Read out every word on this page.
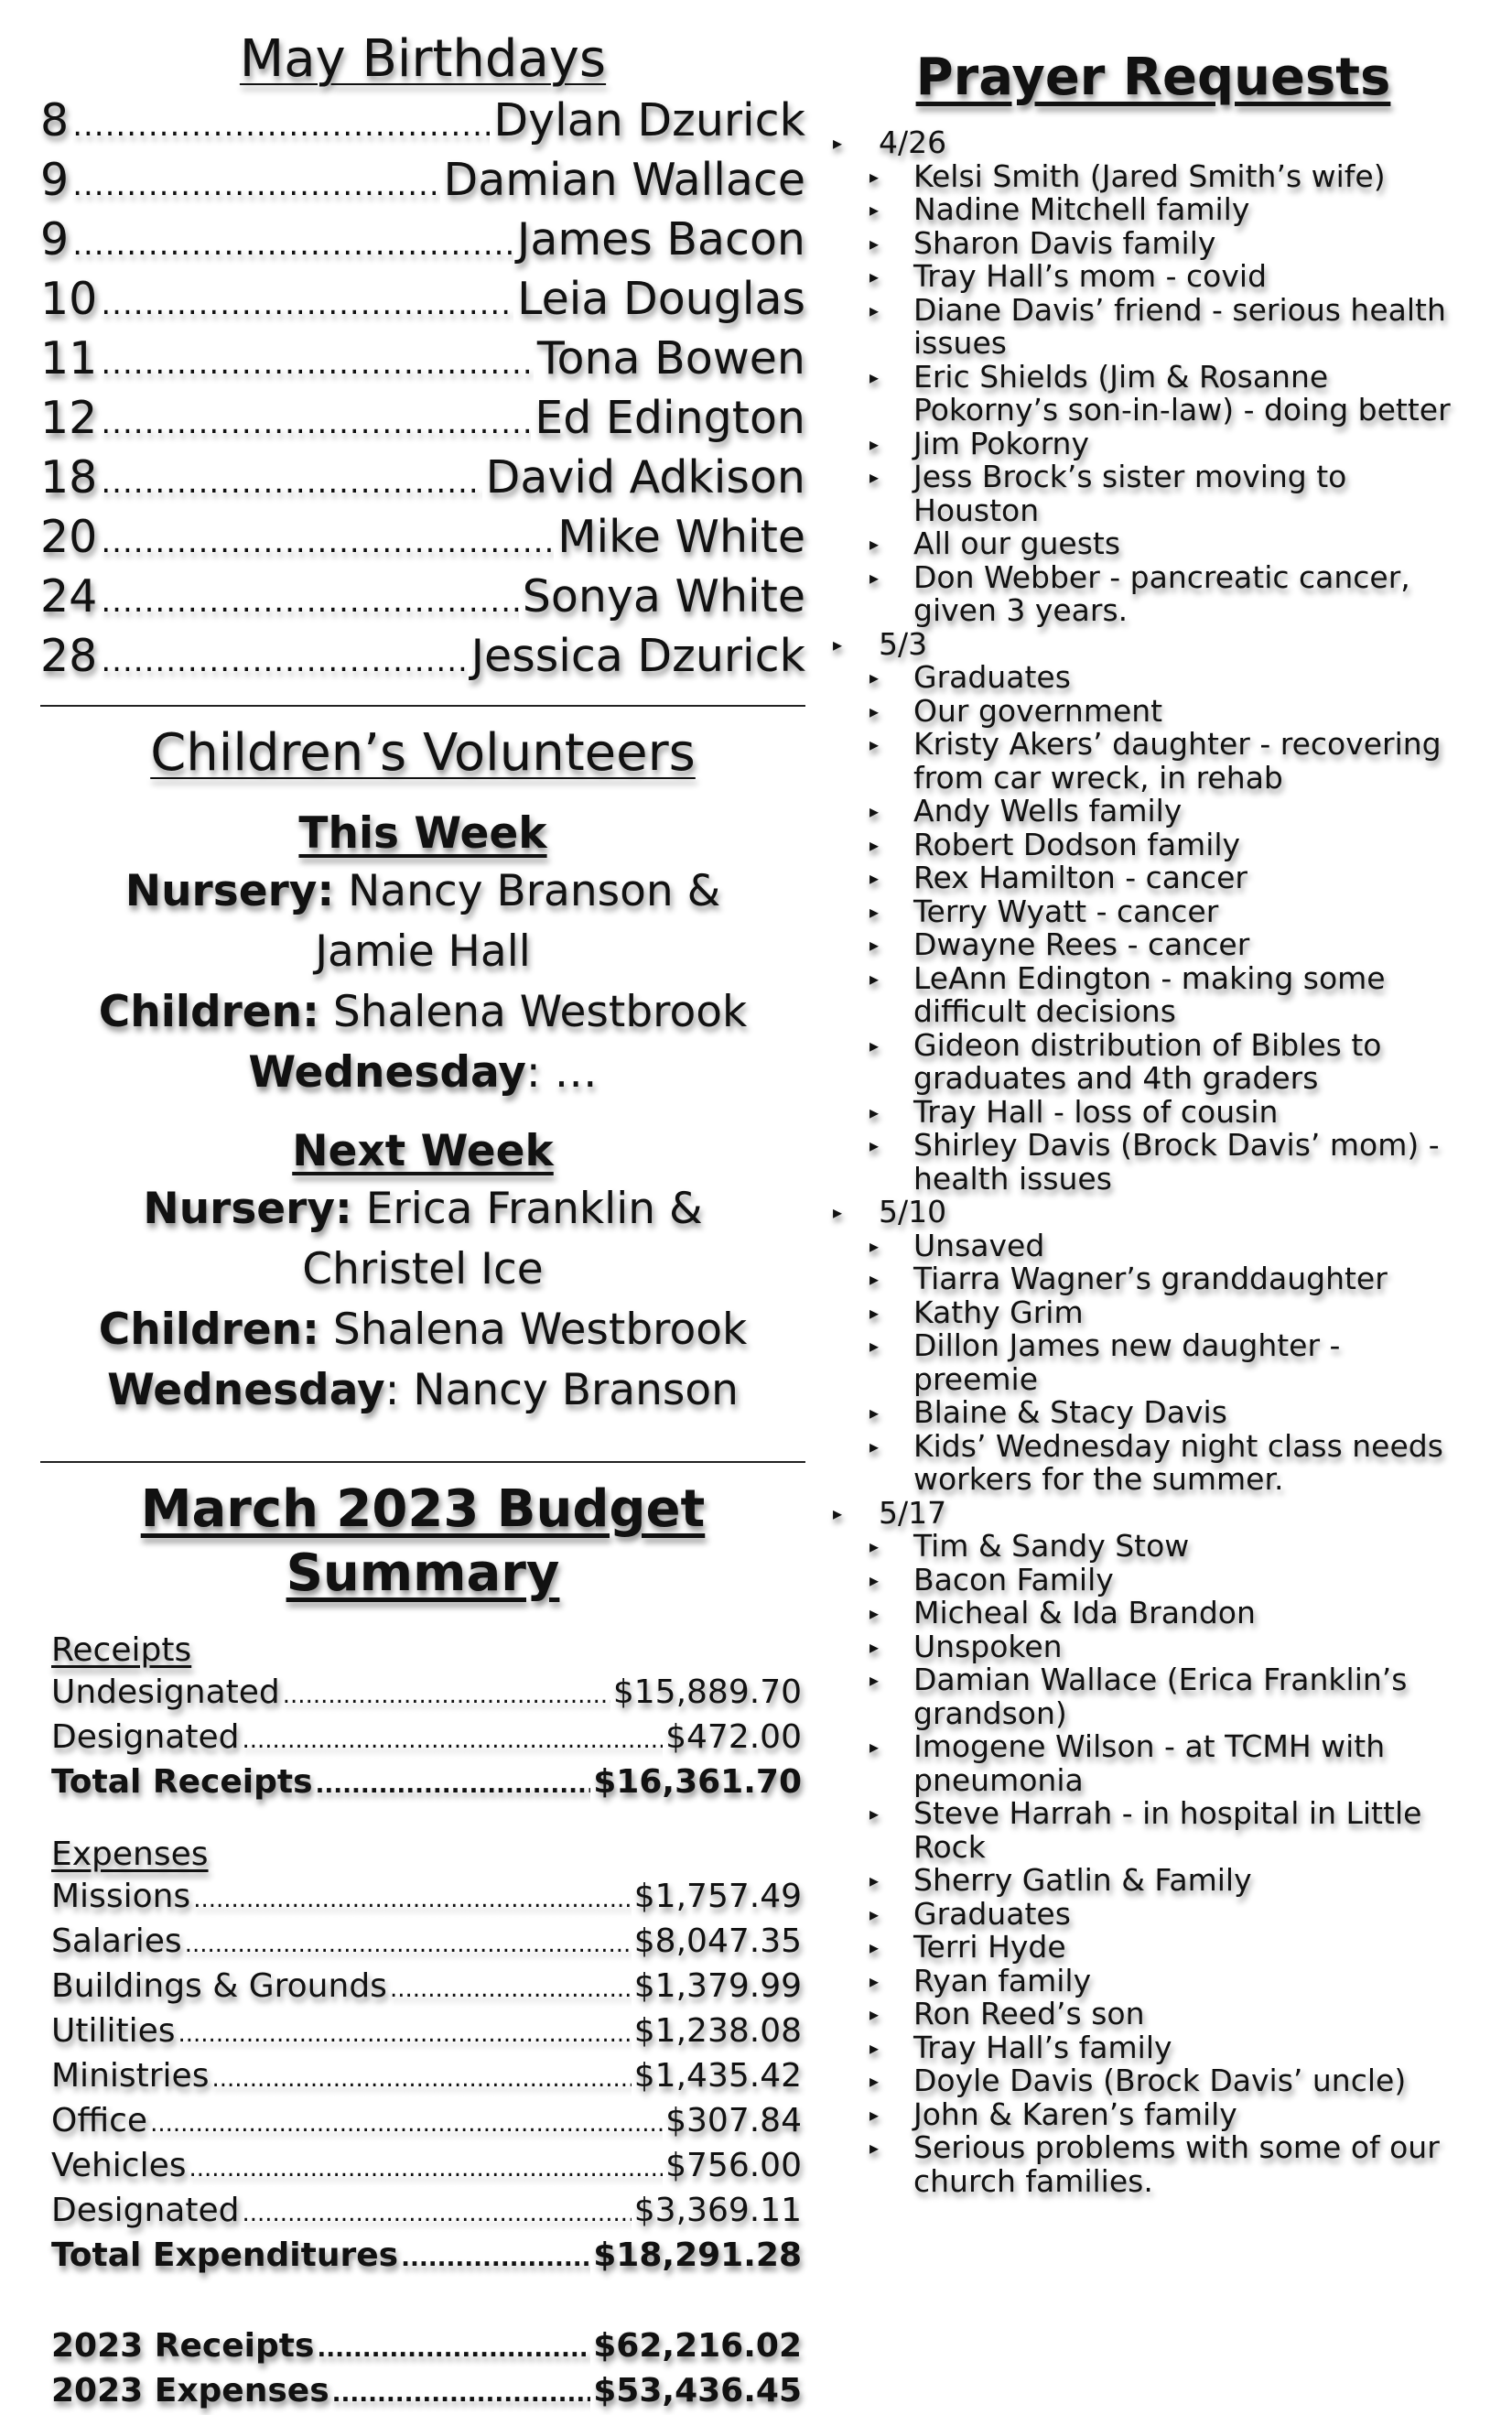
May Birthdays
8 .....	Dylan Dzurick
9 .....	Damian Wallace
9 .....	James Bacon
10 .....	Leia Douglas
11 .....	Tona Bowen
12 .....	Ed Edington
18 .....	David Adkison
20 .....	Mike White
24 .....	Sonya White
28 .....	Jessica Dzurick
Children’s Volunteers
This Week
Nursery: Nancy Branson &
Jamie Hall
Children: Shalena Westbrook
Wednesday: …
Next Week
Nursery: Erica Franklin &
Christel Ice
Children: Shalena Westbrook
Wednesday: Nancy Branson
March 2023 Budget Summary
Receipts
Undesignated .....	$15,889.70
Designated .....	$472.00
Total Receipts .....	$16,361.70
Expenses
Missions .....	$1,757.49
Salaries .....	$8,047.35
Buildings & Grounds .....	$1,379.99
Utilities .....	$1,238.08
Ministries .....	$1,435.42
Office .....	$307.84
Vehicles .....	$756.00
Designated .....	$3,369.11
Total Expenditures .....	$18,291.28
2023 Receipts .....	$62,216.02
2023 Expenses .....	$53,436.45
Prayer Requests
▸ 4/26
▸ Kelsi Smith (Jared Smith’s wife)
▸ Nadine Mitchell family
▸ Sharon Davis family
▸ Tray Hall’s mom - covid
▸ Diane Davis’ friend - serious health issues
▸ Eric Shields (Jim & Rosanne Pokorny’s son-in-law) - doing better
▸ Jim Pokorny
▸ Jess Brock’s sister moving to Houston
▸ All our guests
▸ Don Webber - pancreatic cancer, given 3 years.
▸ 5/3
▸ Graduates
▸ Our government
▸ Kristy Akers’ daughter - recovering from car wreck, in rehab
▸ Andy Wells family
▸ Robert Dodson family
▸ Rex Hamilton - cancer
▸ Terry Wyatt - cancer
▸ Dwayne Rees - cancer
▸ LeAnn Edington - making some difficult decisions
▸ Gideon distribution of Bibles to graduates and 4th graders
▸ Tray Hall - loss of cousin
▸ Shirley Davis (Brock Davis’ mom) - health issues
▸ 5/10
▸ Unsaved
▸ Tiarra Wagner’s granddaughter
▸ Kathy Grim
▸ Dillon James new daughter - preemie
▸ Blaine & Stacy Davis
▸ Kids’ Wednesday night class needs workers for the summer.
▸ 5/17
▸ Tim & Sandy Stow
▸ Bacon Family
▸ Micheal & Ida Brandon
▸ Unspoken
▸ Damian Wallace (Erica Franklin’s grandson)
▸ Imogene Wilson - at TCMH with pneumonia
▸ Steve Harrah - in hospital in Little Rock
▸ Sherry Gatlin & Family
▸ Graduates
▸ Terri Hyde
▸ Ryan family
▸ Ron Reed’s son
▸ Tray Hall’s family
▸ Doyle Davis (Brock Davis’ uncle)
▸ John & Karen’s family
▸ Serious problems with some of our church families.
